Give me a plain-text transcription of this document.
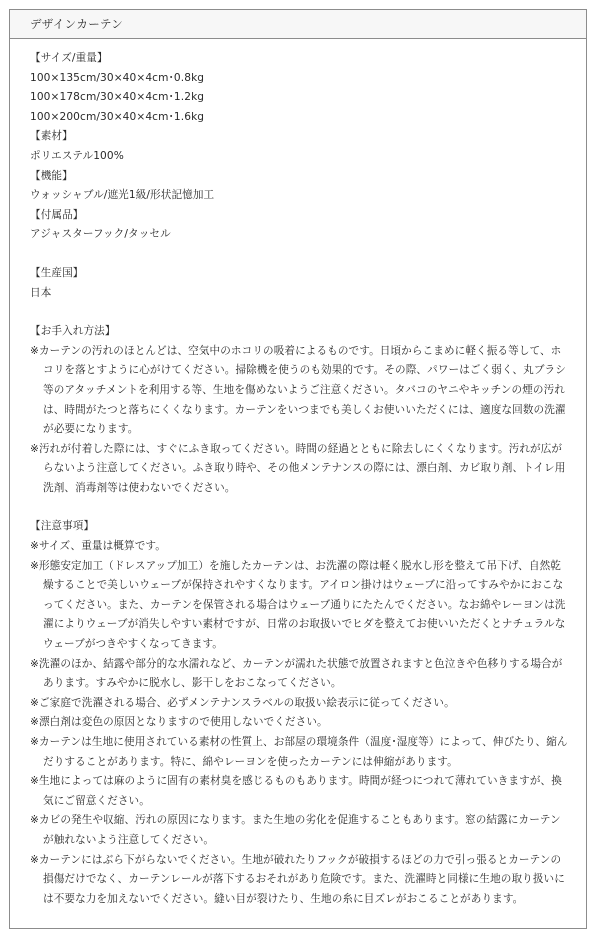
デザインカーテン
【サイズ/重量】
100×135cm/30×40×4cm･0.8kg
100×178cm/30×40×4cm･1.2kg
100×200cm/30×40×4cm･1.6kg
【素材】
ポリエステル100%
【機能】
ウォッシャブル/遮光1級/形状記憶加工
【付属品】
アジャスターフック/タッセル
【生産国】
日本
【お手入れ方法】
※カーテンの汚れのほとんどは、空気中のホコリの吸着によるものです。日頃からこまめに軽く振る等して、ホコリを落とすように心がけてください。掃除機を使うのも効果的です。その際、パワーはごく弱く、丸ブラシ等のアタッチメントを利用する等、生地を傷めないようご注意ください。タバコのヤニやキッチンの煙の汚れは、時間がたつと落ちにくくなります。カーテンをいつまでも美しくお使いいただくには、適度な回数の洗濯が必要になります。
※汚れが付着した際には、すぐにふき取ってください。時間の経過とともに除去しにくくなります。汚れが広がらないよう注意してください。ふき取り時や、その他メンテナンスの際には、漂白剤、カビ取り剤、トイレ用洗剤、消毒剤等は使わないでください。
【注意事項】
※サイズ、重量は概算です。
※形態安定加工（ドレスアップ加工）を施したカーテンは、お洗濯の際は軽く脱水し形を整えて吊下げ、自然乾燥することで美しいウェーブが保持されやすくなります。アイロン掛けはウェーブに沿ってすみやかにおこなってください。また、カーテンを保管される場合はウェーブ通りにたたんでください。なお綿やレーヨンは洗濯によりウェーブが消失しやすい素材ですが、日常のお取扱いでヒダを整えてお使いいただくとナチュラルなウェーブがつきやすくなってきます。
※洗濯のほか、結露や部分的な水濡れなど、カーテンが濡れた状態で放置されますと色泣きや色移りする場合があります。すみやかに脱水し、影干しをおこなってください。
※ご家庭で洗濯される場合、必ずメンテナンスラベルの取扱い絵表示に従ってください。
※漂白剤は変色の原因となりますので使用しないでください。
※カーテンは生地に使用されている素材の性質上、お部屋の環境条件（温度･湿度等）によって、伸びたり、縮んだりすることがあります。特に、綿やレーヨンを使ったカーテンには伸縮があります。
※生地によっては麻のように固有の素材臭を感じるものもあります。時間が経つにつれて薄れていきますが、換気にご留意ください。
※カビの発生や収縮、汚れの原因になります。また生地の劣化を促進することもあります。窓の結露にカーテンが触れないよう注意してください。
※カーテンにはぶら下がらないでください。生地が破れたりフックが破損するほどの力で引っ張るとカーテンの損傷だけでなく、カーテンレールが落下するおそれがあり危険です。また、洗濯時と同様に生地の取り扱いには不要な力を加えないでください。縫い目が裂けたり、生地の糸に目ズレがおこることがあります。
